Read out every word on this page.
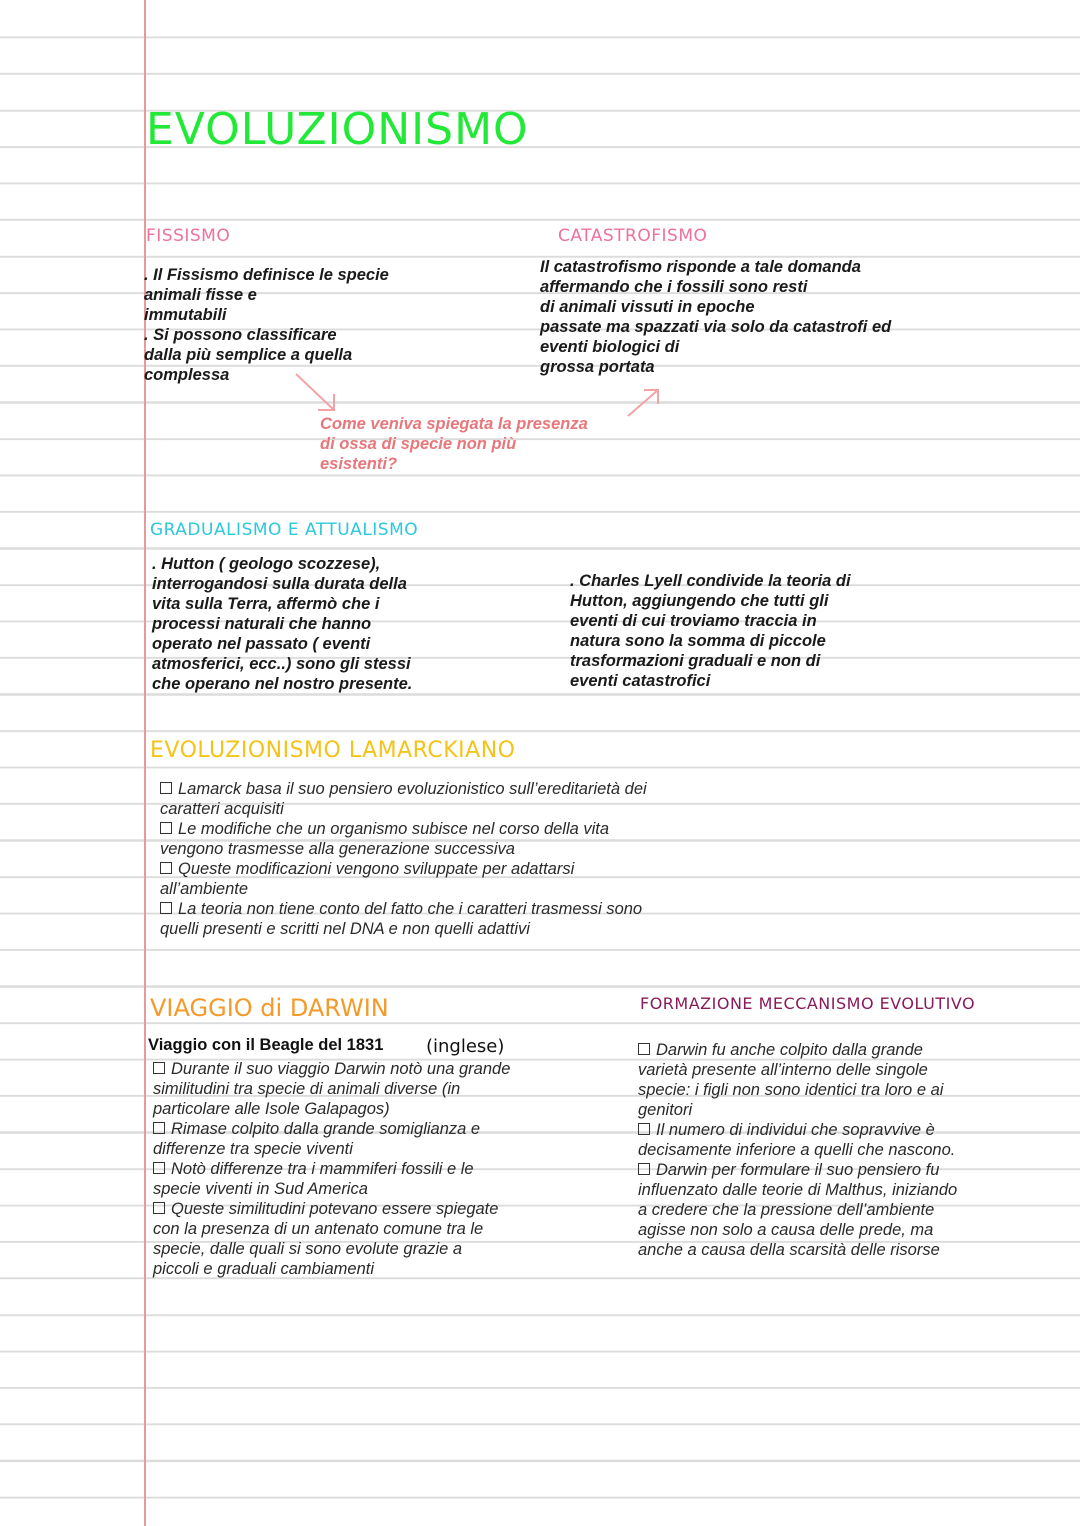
EVOLUZIONISMO
FISSISMO

. Il Fissismo definisce le specie

animali fisse e

immutabili

. Si possono classificare

dalla più semplice a quella

complessa

CATASTROFISMO

Il catastrofismo risponde a tale domanda

affermando che i fossili sono resti

di animali vissuti in epoche

passate ma spazzati via solo da catastrofi ed

eventi biologici di

grossa portata

Come veniva spiegata la presenza

di ossa di specie non più

esistenti?

GRADUALISMO E ATTUALISMO

. Hutton ( geologo scozzese),

interrogandosi sulla durata della

vita sulla Terra, affermò che i

processi naturali che hanno

operato nel passato ( eventi

atmosferici, ecc..) sono gli stessi

che operano nel nostro presente.

. Charles Lyell condivide la teoria di

Hutton, aggiungendo che tutti gli

eventi di cui troviamo traccia in

natura sono la somma di piccole

trasformazioni graduali e non di

eventi catastrofici

EVOLUZIONISMO LAMARCKIANO

Lamarck basa il suo pensiero evoluzionistico sull’ereditarietà dei
caratteri acquisiti

Le modifiche che un organismo subisce nel corso della vita
vengono trasmesse alla generazione successiva

Queste modificazioni vengono sviluppate per adattarsi
all’ambiente

La teoria non tiene conto del fatto che i caratteri trasmessi sono
quelli presenti e scritti nel DNA e non quelli adattivi

VIAGGIO di DARWIN
Viaggio con il Beagle del 1831 (inglese)

Durante il suo viaggio Darwin notò una grande
similitudini tra specie di animali diverse (in
particolare alle Isole Galapagos)

Rimase colpito dalla grande somiglianza e
differenze tra specie viventi

Notò differenze tra i mammiferi fossili e le
specie viventi in Sud America

Queste similitudini potevano essere spiegate
con la presenza di un antenato comune tra le
specie, dalle quali si sono evolute grazie a
piccoli e graduali cambiamenti

FORMAZIONE MECCANISMO EVOLUTIVO

Darwin fu anche colpito dalla grande
varietà presente all’interno delle singole
specie: i figli non sono identici tra loro e ai
genitori

Il numero di individui che sopravvive è
decisamente inferiore a quelli che nascono.

Darwin per formulare il suo pensiero fu
influenzato dalle teorie di Malthus, iniziando
a credere che la pressione dell’ambiente
agisse non solo a causa delle prede, ma
anche a causa della scarsità delle risorse
